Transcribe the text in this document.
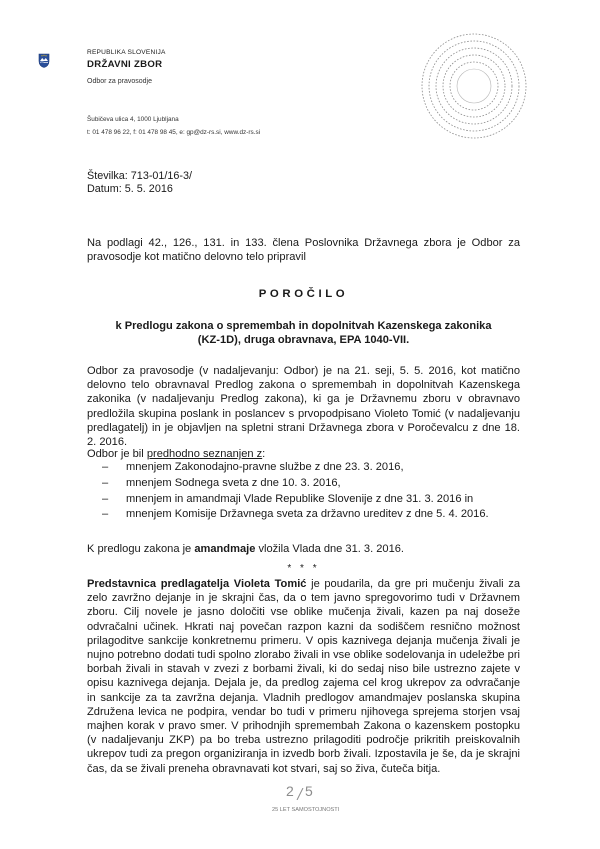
REPUBLIKA SLOVENIJA
DRŽAVNI ZBOR
Odbor za pravosodje
Šubičeva ulica 4, 1000 Ljubljana
t: 01 478 96 22, f: 01 478 98 45, e: gp@dz-rs.si, www.dz-rs.si
Številka: 713-01/16-3/
Datum: 5. 5. 2016
Na podlagi 42., 126., 131. in 133. člena Poslovnika Državnega zbora je Odbor za pravosodje kot matično delovno telo pripravil
POROČILO
k Predlogu zakona o spremembah in dopolnitvah Kazenskega zakonika
(KZ-1D), druga obravnava, EPA 1040-VII.
Odbor za pravosodje (v nadaljevanju: Odbor) je na 21. seji, 5. 5. 2016, kot matično delovno telo obravnaval Predlog zakona o spremembah in dopolnitvah Kazenskega zakonika (v nadaljevanju Predlog zakona), ki ga je Državnemu zboru v obravnavo predložila skupina poslank in poslancev s prvopodpisano Violeto Tomić (v nadaljevanju predlagatelj) in je objavljen na spletni strani Državnega zbora v Poročevalcu z dne 18. 2. 2016.
Odbor je bil predhodno seznanjen z:
– mnenjem Zakonodajno-pravne službe z dne 23. 3. 2016,
– mnenjem Sodnega sveta z dne 10. 3. 2016,
– mnenjem in amandmaji Vlade Republike Slovenije z dne 31. 3. 2016 in
– mnenjem Komisije Državnega sveta za državno ureditev z dne 5. 4. 2016.
K predlogu zakona je amandmaje vložila Vlada dne 31. 3. 2016.
* * *
Predstavnica predlagatelja Violeta Tomić je poudarila, da gre pri mučenju živali za zelo zavržno dejanje in je skrajni čas, da o tem javno spregovorimo tudi v Državnem zboru. Cilj novele je jasno določiti vse oblike mučenja živali, kazen pa naj doseže odvračalni učinek. Hkrati naj povečan razpon kazni da sodiščem resnično možnost prilagoditve sankcije konkretnemu primeru. V opis kaznivega dejanja mučenja živali je nujno potrebno dodati tudi spolno zlorabo živali in vse oblike sodelovanja in udeležbe pri borbah živali in stavah v zvezi z borbami živali, ki do sedaj niso bile ustrezno zajete v opisu kaznivega dejanja. Dejala je, da predlog zajema cel krog ukrepov za odvračanje in sankcije za ta zavržna dejanja. Vladnih predlogov amandmajev poslanska skupina Združena levica ne podpira, vendar bo tudi v primeru njihovega sprejema storjen vsaj majhen korak v pravo smer. V prihodnjih spremembah Zakona o kazenskem postopku (v nadaljevanju ZKP) pa bo treba ustrezno prilagoditi področje prikritih preiskovalnih ukrepov tudi za pregon organiziranja in izvedb borb živali. Izpostavila je še, da je skrajni čas, da se živali preneha obravnavati kot stvari, saj so živa, čuteča bitja.
2 5
25 LET SAMOSTOJNOSTI
